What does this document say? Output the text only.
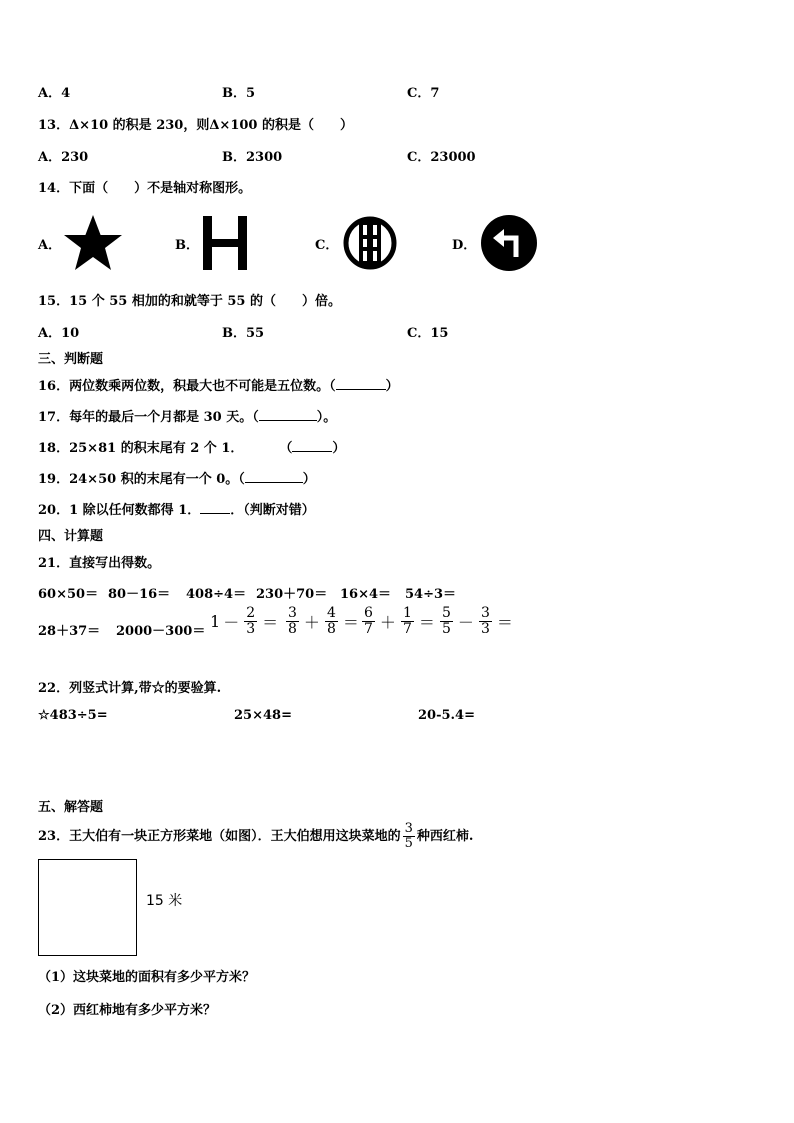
A．4	B．5	C．7
13．Δ×10 的积是 230，则Δ×100 的积是（　　）
A．230	B．2300	C．23000
14．下面（　　）不是轴对称图形。
A．	B．	C．	D．
15．15 个 55 相加的和就等于 55 的（　　）倍。
A．10	B．55	C．15
三、判断题
16．两位数乘两位数，积最大也不可能是五位数。（	）
17．每年的最后一个月都是 30 天。（	）。
18．25×81 的积末尾有 2 个 1．	（	）
19．24×50 积的末尾有一个 0。（	）
20．1 除以任何数都得 1． ．（判断对错）
四、计算题
21．直接写出得数。
60×50＝ 80－16＝ 408÷4＝ 230＋70＝ 16×4＝ 54÷3＝
28＋37＝ 2000－300＝
$1 - \frac{2}{3} = \frac{3}{8} + \frac{4}{8} = \frac{6}{7} + \frac{1}{7} = \frac{5}{5} - \frac{3}{3}$ ＝
22．列竖式计算,带☆的要验算.
☆483÷5=	25×48=	20-5.4=
五、解答题
23．王大伯有一块正方形菜地（如图）．王大伯想用这块菜地的 $\frac{3}{5}$ 种西红柿.
15 米
（1）这块菜地的面积有多少平方米？
（2）西红柿地有多少平方米？
